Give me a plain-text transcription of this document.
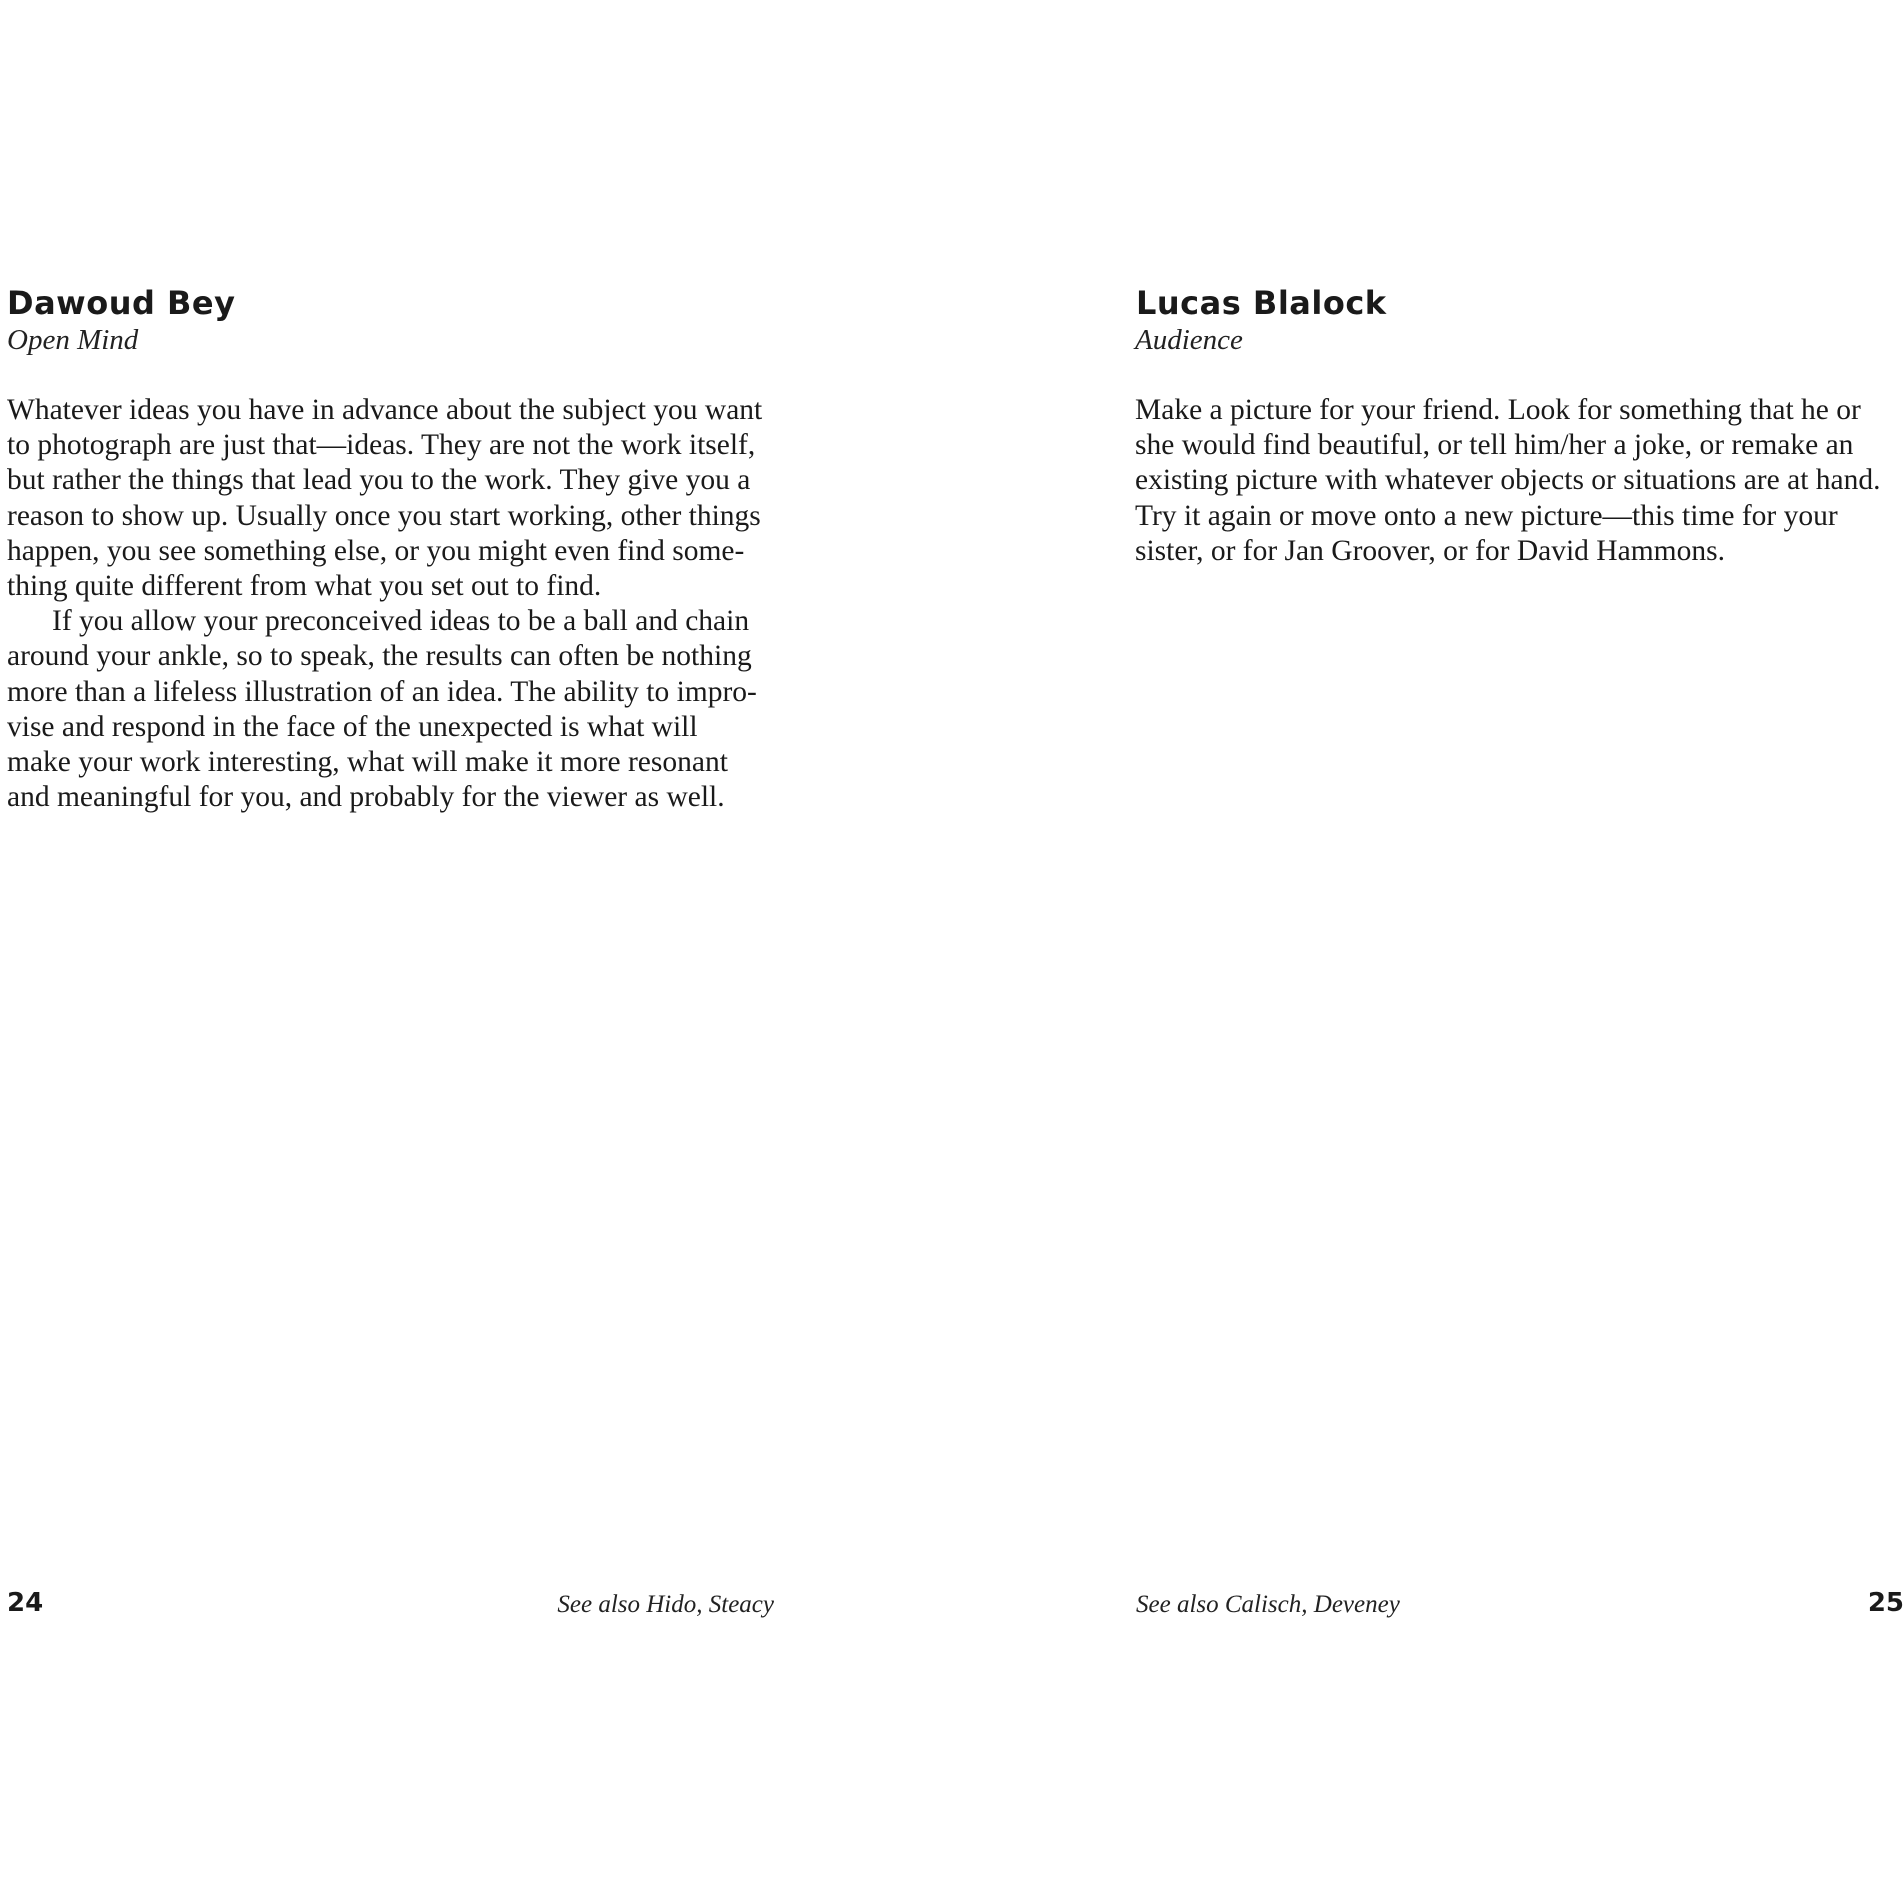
Dawoud Bey
Open Mind
Whatever ideas you have in advance about the subject you want
to photograph are just that—ideas. They are not the work itself,
but rather the things that lead you to the work. They give you a
reason to show up. Usually once you start working, other things
happen, you see something else, or you might even find some-
thing quite different from what you set out to find.
If you allow your preconceived ideas to be a ball and chain
around your ankle, so to speak, the results can often be nothing
more than a lifeless illustration of an idea. The ability to impro-
vise and respond in the face of the unexpected is what will
make your work interesting, what will make it more resonant
and meaningful for you, and probably for the viewer as well.
24	See also Hido, Steacy
Lucas Blalock
Audience
Make a picture for your friend. Look for something that he or
she would find beautiful, or tell him/her a joke, or remake an
existing picture with whatever objects or situations are at hand.
Try it again or move onto a new picture—this time for your
sister, or for Jan Groover, or for David Hammons.
See also Calisch, Deveney	25
